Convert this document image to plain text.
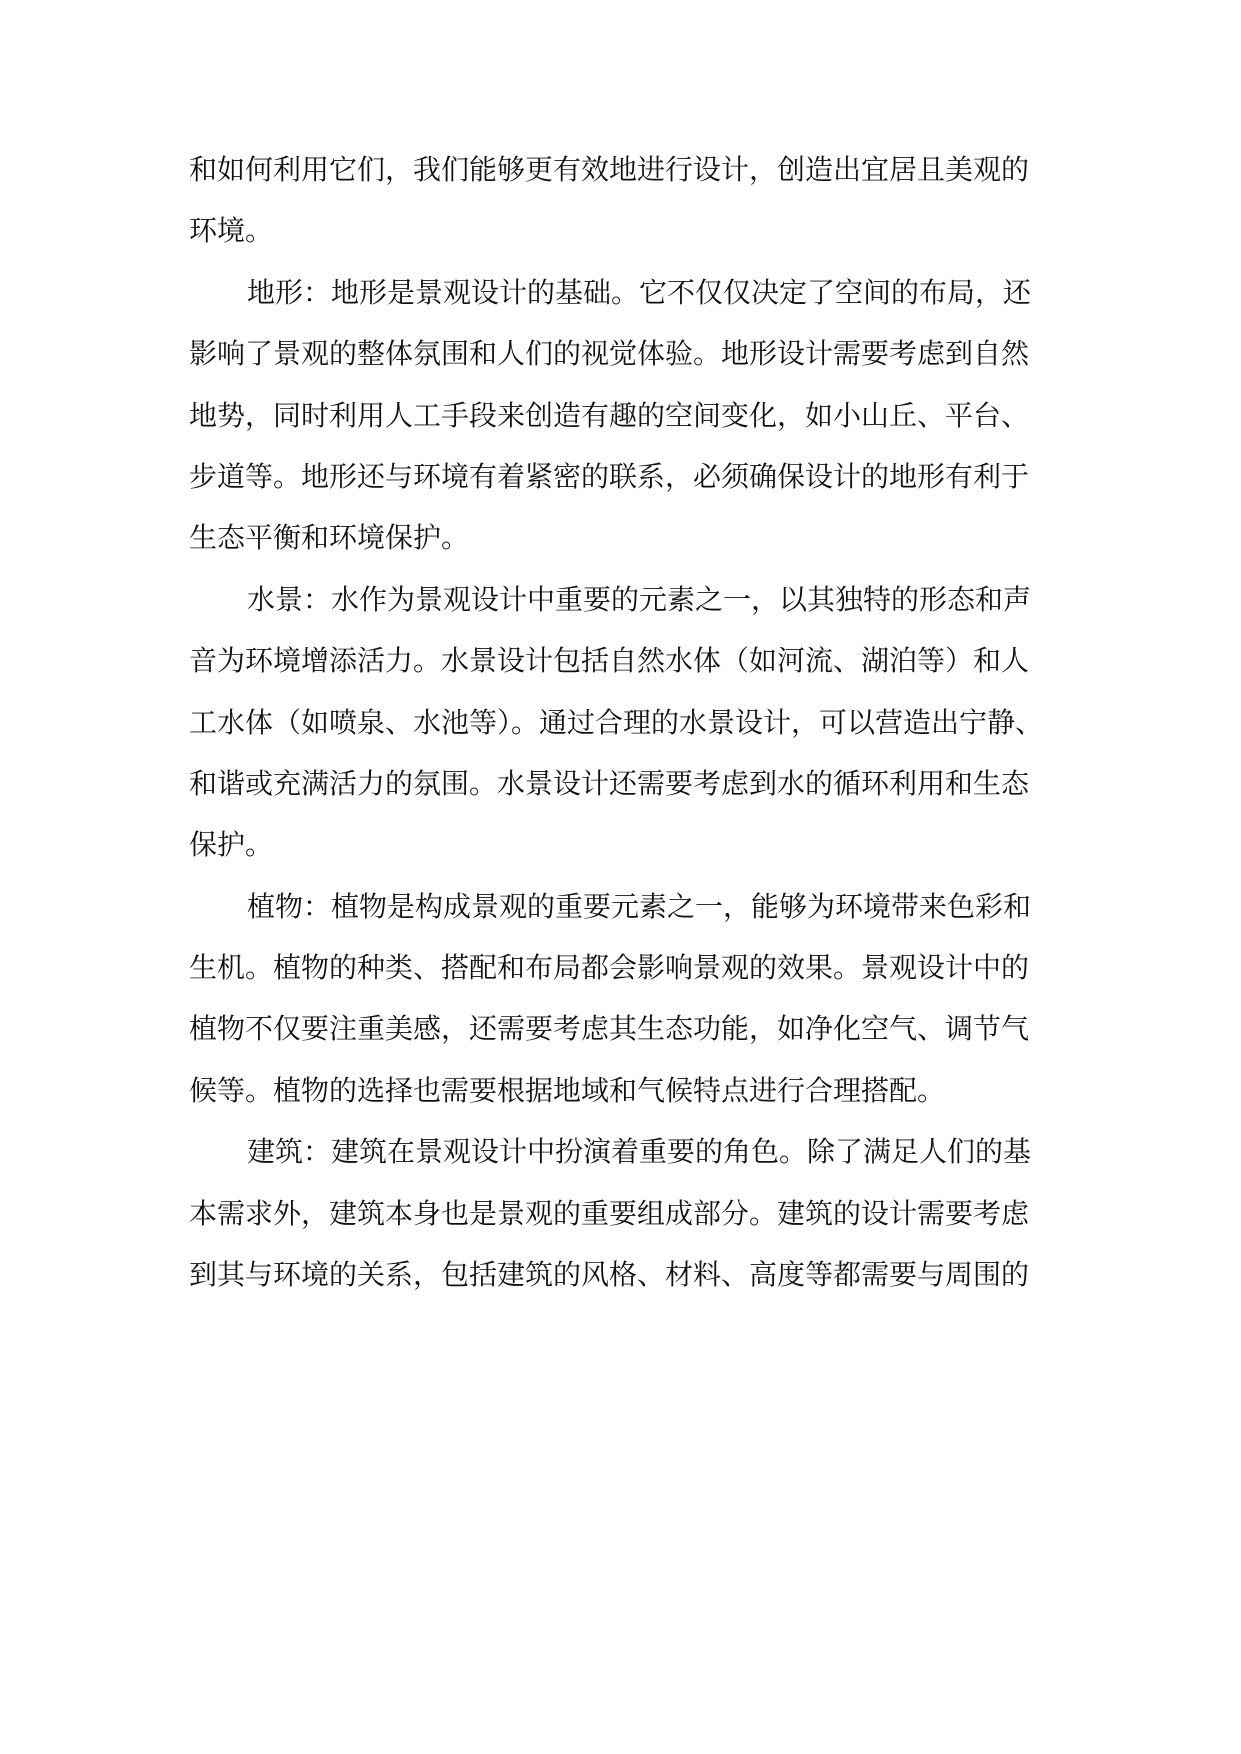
和如何利用它们，我们能够更有效地进行设计，创造出宜居且美观的
环境。
地形：地形是景观设计的基础。它不仅仅决定了空间的布局，还
影响了景观的整体氛围和人们的视觉体验。地形设计需要考虑到自然
地势，同时利用人工手段来创造有趣的空间变化，如小山丘、平台、
步道等。地形还与环境有着紧密的联系，必须确保设计的地形有利于
生态平衡和环境保护。
水景：水作为景观设计中重要的元素之一，以其独特的形态和声
音为环境增添活力。水景设计包括自然水体（如河流、湖泊等）和人
工水体（如喷泉、水池等）。通过合理的水景设计，可以营造出宁静、
和谐或充满活力的氛围。水景设计还需要考虑到水的循环利用和生态
保护。
植物：植物是构成景观的重要元素之一，能够为环境带来色彩和
生机。植物的种类、搭配和布局都会影响景观的效果。景观设计中的
植物不仅要注重美感，还需要考虑其生态功能，如净化空气、调节气
候等。植物的选择也需要根据地域和气候特点进行合理搭配。
建筑：建筑在景观设计中扮演着重要的角色。除了满足人们的基
本需求外，建筑本身也是景观的重要组成部分。建筑的设计需要考虑
到其与环境的关系，包括建筑的风格、材料、高度等都需要与周围的
